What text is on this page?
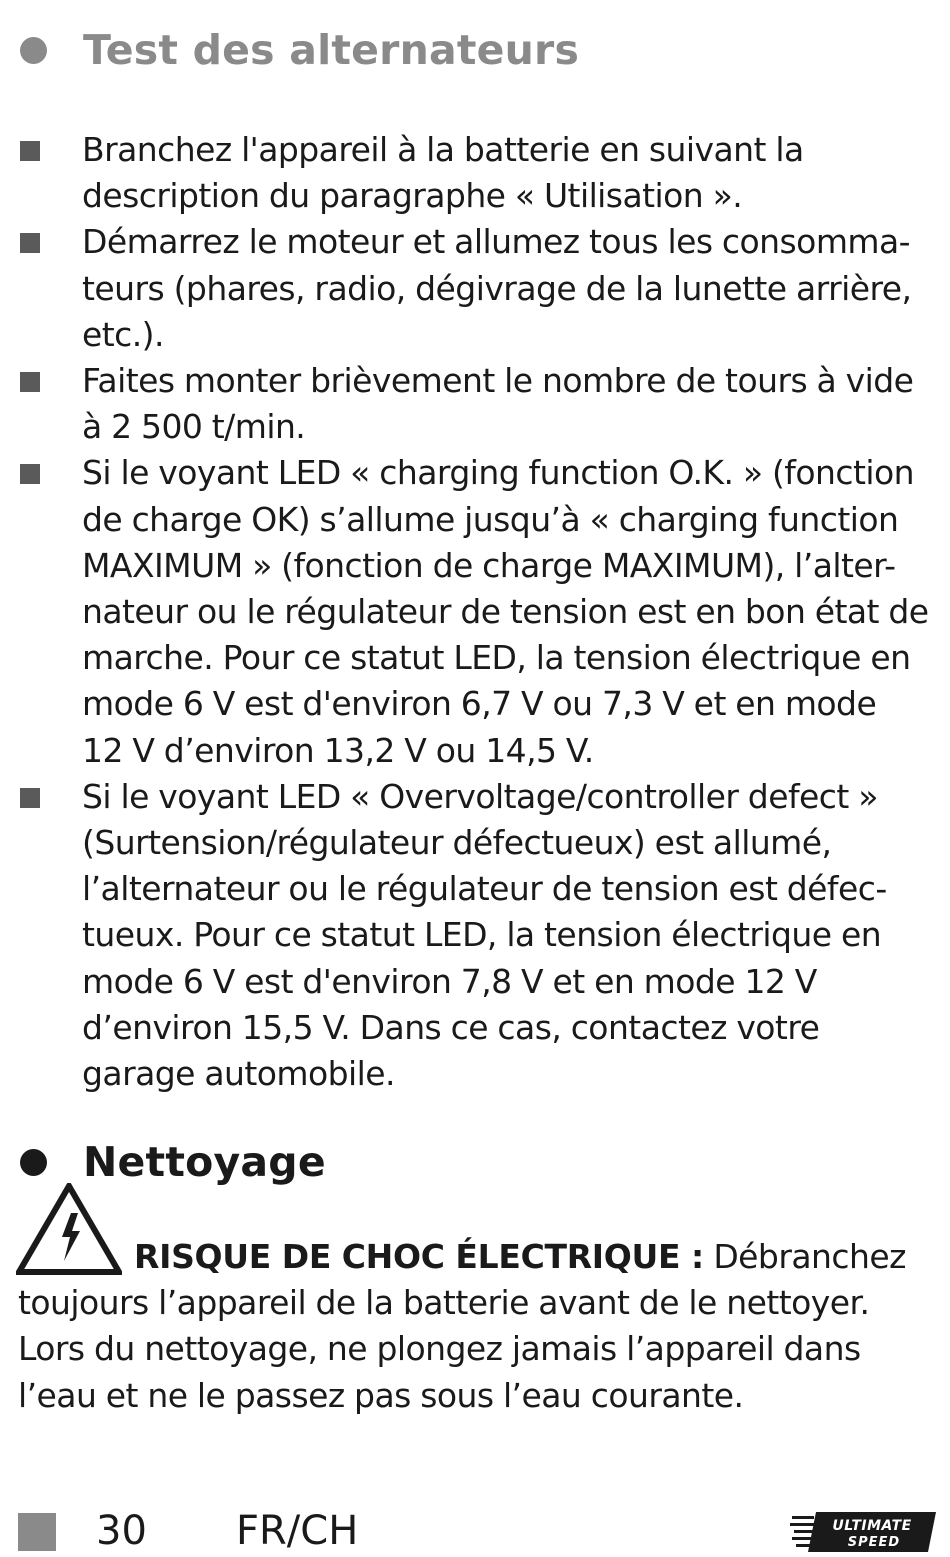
Test des alternateurs
Branchez l'appareil à la batterie en suivant la
description du paragraphe « Utilisation ».
Démarrez le moteur et allumez tous les consomma-
teurs (phares, radio, dégivrage de la lunette arrière,
etc.).
Faites monter brièvement le nombre de tours à vide
à 2 500 t/min.
Si le voyant LED « charging function O.K. » (fonction
de charge OK) s’allume jusqu’à « charging function
MAXIMUM » (fonction de charge MAXIMUM), l’alter-
nateur ou le régulateur de tension est en bon état de
marche. Pour ce statut LED, la tension électrique en
mode 6 V est d'environ 6,7 V ou 7,3 V et en mode
12 V d’environ 13,2 V ou 14,5 V.
Si le voyant LED « Overvoltage/controller defect »
(Surtension/régulateur défectueux) est allumé,
l’alternateur ou le régulateur de tension est défec-
tueux. Pour ce statut LED, la tension électrique en
mode 6 V est d'environ 7,8 V et en mode 12 V
d’environ 15,5 V. Dans ce cas, contactez votre
garage automobile.
Nettoyage
RISQUE DE CHOC ÉLECTRIQUE : Débranchez
toujours l’appareil de la batterie avant de le nettoyer.
Lors du nettoyage, ne plongez jamais l’appareil dans
l’eau et ne le passez pas sous l’eau courante.
30 FR/CH	ULTIMATE
SPEED
